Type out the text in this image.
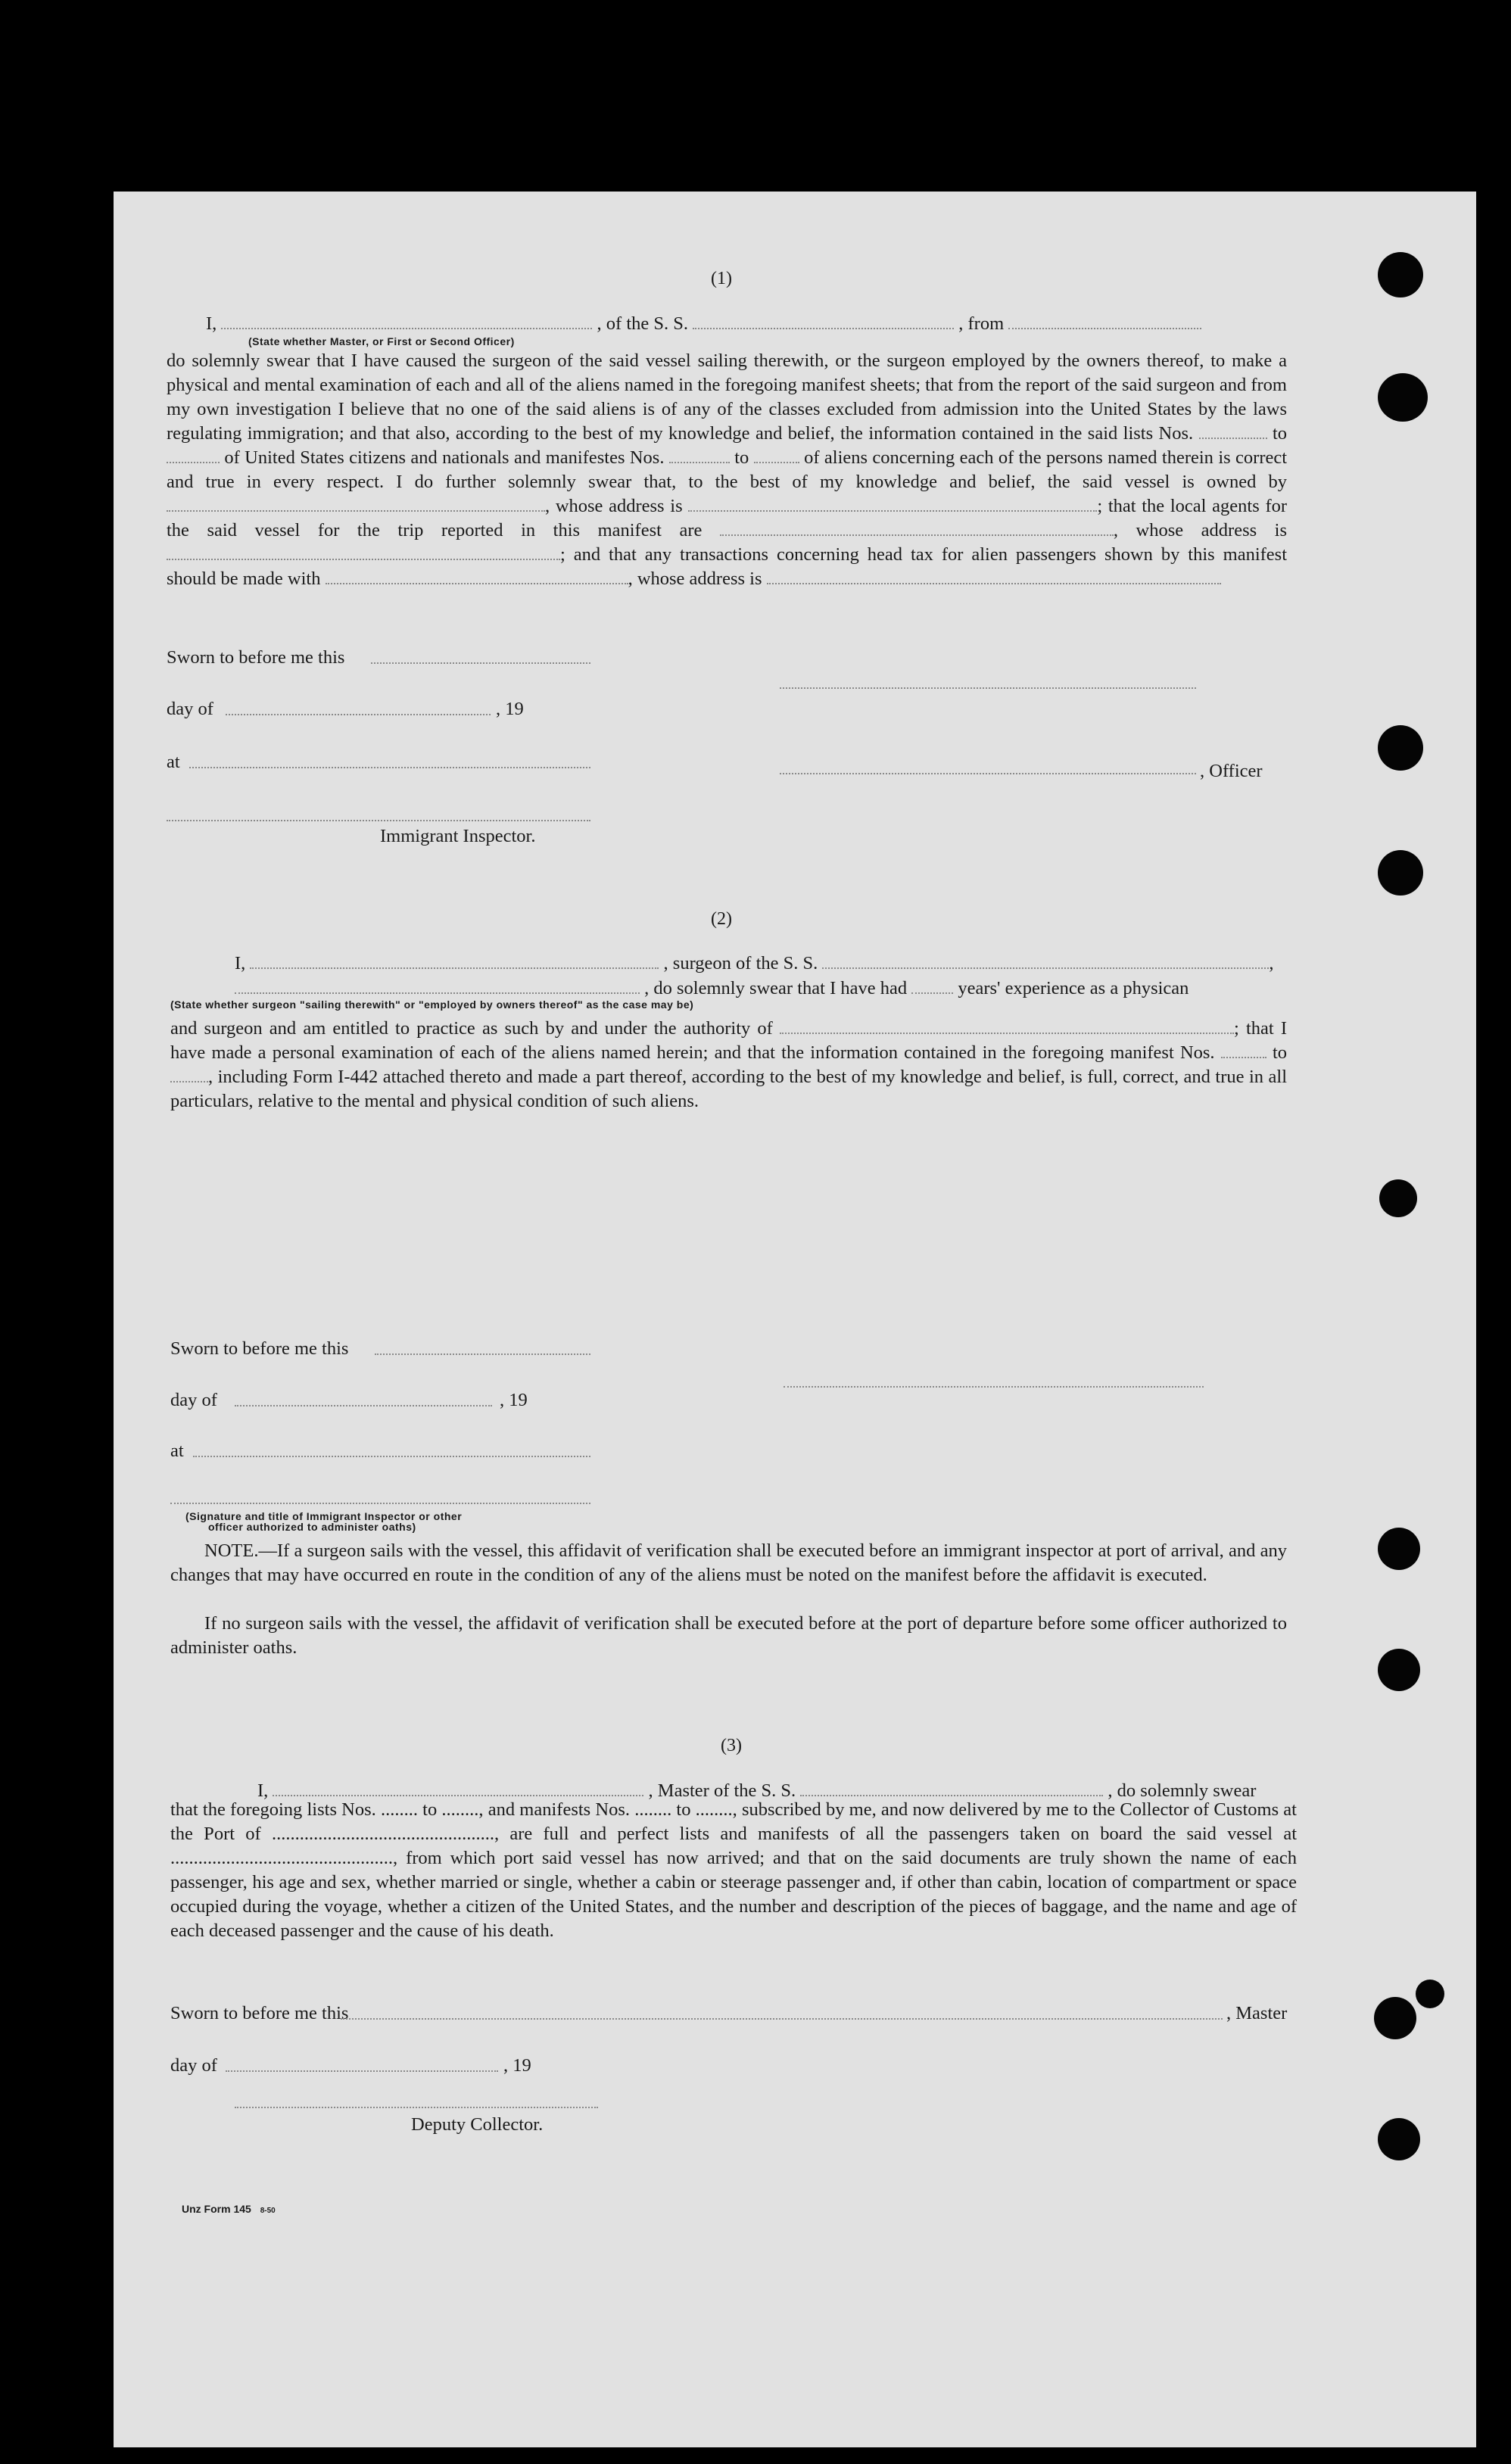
(1)
I,	, of the S. S.	, from
(State whether Master, or First or Second Officer)
do solemnly swear that I have caused the surgeon of the said vessel sailing therewith, or the surgeon employed by the owners thereof, to make a physical and mental examination of each and all of the aliens named in the foregoing manifest sheets; that from the report of the said surgeon and from my own investigation I believe that no one of the said aliens is of any of the classes excluded from admission into the United States by the laws regulating immigration; and that also, according to the best of my knowledge and belief, the information contained in the said lists Nos.	to  of United States citizens and nationals and manifestes Nos.	to	of aliens concerning each of the persons named therein is correct and true in every respect. I do further solemnly swear that, to the best of my knowledge and belief, the said vessel is owned by , whose address is	; that the local agents for the said vessel for the trip reported in this manifest are	, whose address is ; and that any transactions concerning head tax for alien passengers shown by this manifest should be made with	, whose address is
Sworn to before me this
day of	, 19
at	, Officer
Immigrant Inspector.
(2)
I,	, surgeon of the S. S.	,
, do solemnly swear that I have had	years' experience as a physican
(State whether surgeon "sailing therewith" or "employed by owners thereof" as the case may be)
and surgeon and am entitled to practice as such by and under the authority of	; that I have made a personal examination of each of the aliens named herein; and that the information contained in the foregoing manifest Nos.	to , including Form I-442 attached thereto and made a part thereof, according to the best of my knowledge and belief, is full, correct, and true in all particulars, relative to the mental and physical condition of such aliens.
Sworn to before me this
day of	, 19
at
(Signature and title of Immigrant Inspector or other
officer authorized to administer oaths)
NOTE.—If a surgeon sails with the vessel, this affidavit of verification shall be executed before an immigrant inspector at port of arrival, and any changes that may have occurred en route in the condition of any of the aliens must be noted on the manifest before the affidavit is executed.
If no surgeon sails with the vessel, the affidavit of verification shall be executed before at the port of departure before some officer authorized to administer oaths.
(3)
I,	, Master of the S. S.	, do solemnly swear
that the foregoing lists Nos. ........ to ........, and manifests Nos. ........ to ........, subscribed by me, and now delivered by me to the Collector of Customs at the Port of ................................................, are full and perfect lists and manifests of all the passengers taken on board the said vessel at ................................................, from which port said vessel has now arrived; and that on the said documents are truly shown the name of each passenger, his age and sex, whether married or single, whether a cabin or steerage passenger and, if other than cabin, location of compartment or space occupied during the voyage, whether a citizen of the United States, and the number and description of the pieces of baggage, and the name and age of each deceased passenger and the cause of his death.
Sworn to before me this	, Master
day of	, 19
Deputy Collector.
Unz Form 145 8-50
